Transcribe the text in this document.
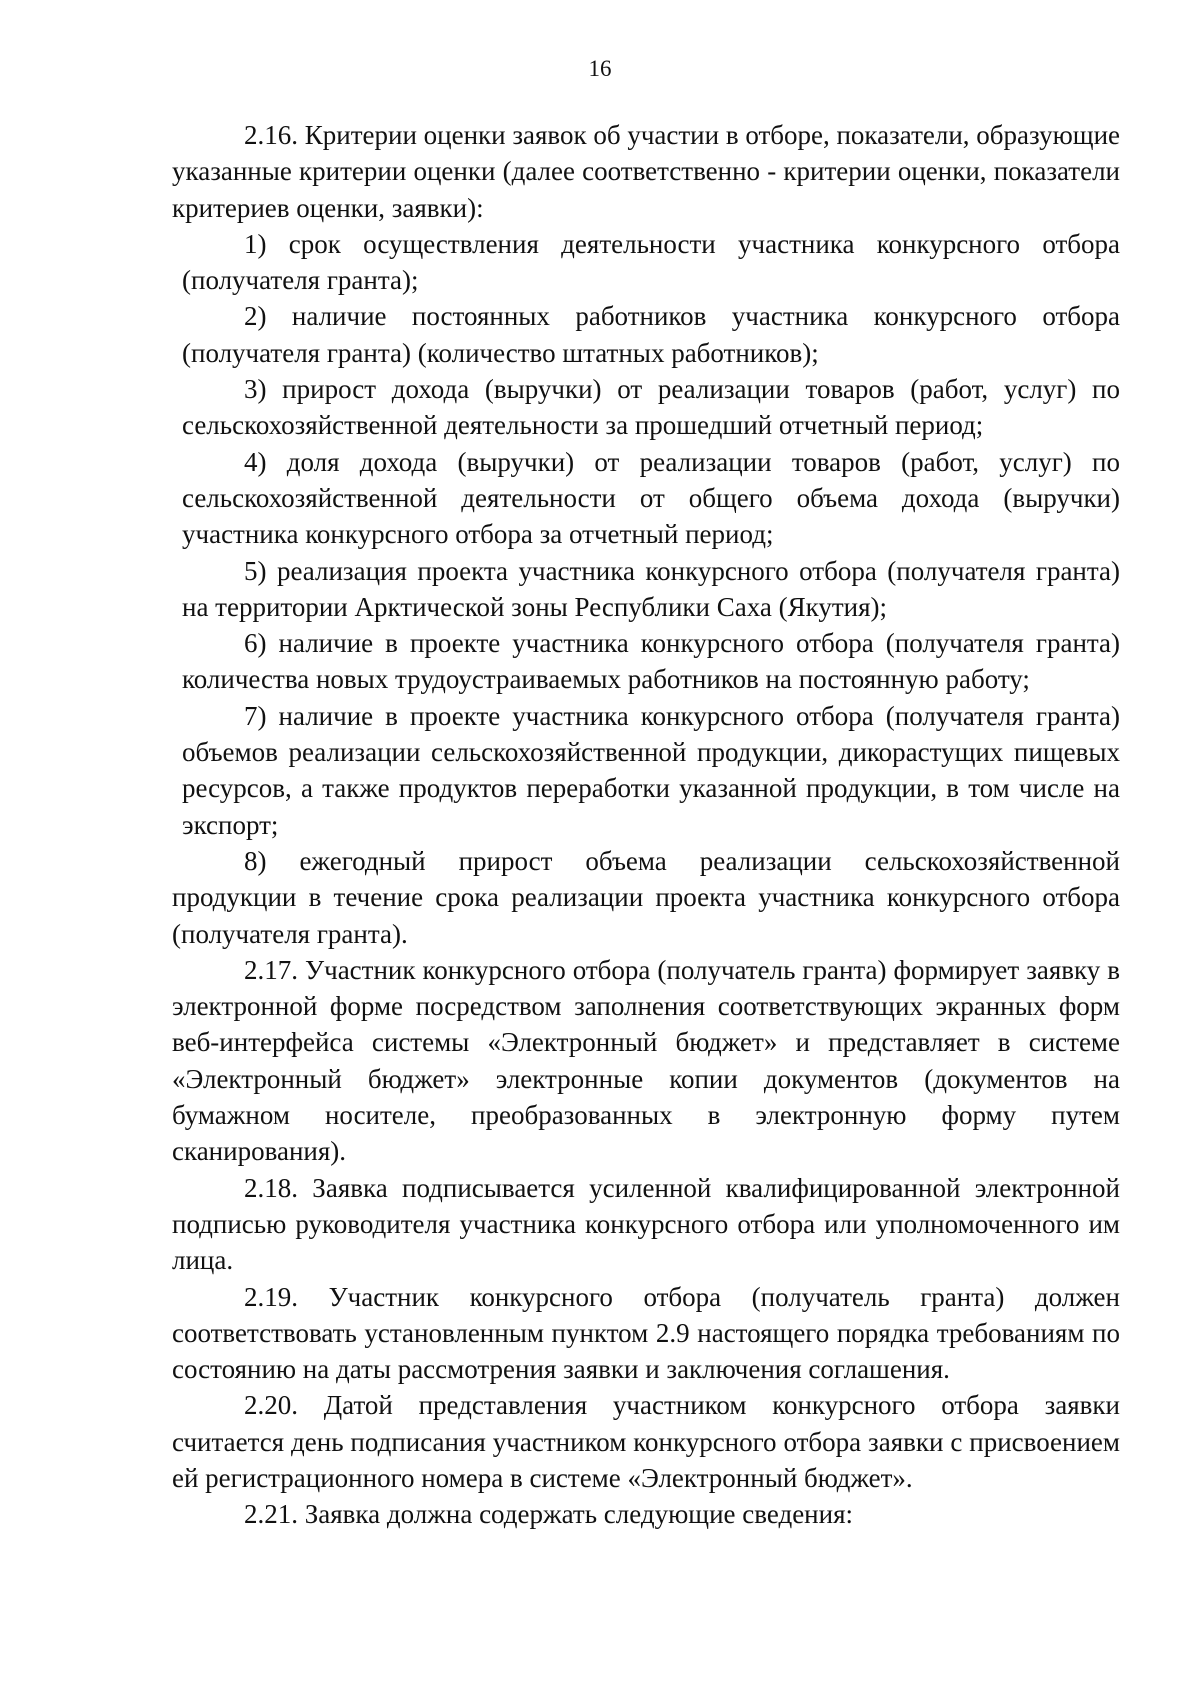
16

2.16. Критерии оценки заявок об участии в отборе, показатели, образующие указанные критерии оценки (далее соответственно - критерии оценки, показатели критериев оценки, заявки):

1) срок осуществления деятельности участника конкурсного отбора (получателя гранта);

2) наличие постоянных работников участника конкурсного отбора (получателя гранта) (количество штатных работников);

3) прирост дохода (выручки) от реализации товаров (работ, услуг) по сельскохозяйственной деятельности за прошедший отчетный период;

4) доля дохода (выручки) от реализации товаров (работ, услуг) по сельскохозяйственной деятельности от общего объема дохода (выручки) участника конкурсного отбора за отчетный период;

5) реализация проекта участника конкурсного отбора (получателя гранта) на территории Арктической зоны Республики Саха (Якутия);

6) наличие в проекте участника конкурсного отбора (получателя гранта) количества новых трудоустраиваемых работников на постоянную работу;

7) наличие в проекте участника конкурсного отбора (получателя гранта) объемов реализации сельскохозяйственной продукции, дикорастущих пищевых ресурсов, а также продуктов переработки указанной продукции, в том числе на экспорт;

8) ежегодный прирост объема реализации сельскохозяйственной продукции в течение срока реализации проекта участника конкурсного отбора (получателя гранта).

2.17. Участник конкурсного отбора (получатель гранта) формирует заявку в электронной форме посредством заполнения соответствующих экранных форм веб-интерфейса системы «Электронный бюджет» и представляет в системе «Электронный бюджет» электронные копии документов (документов на бумажном носителе, преобразованных в электронную форму путем сканирования).

2.18. Заявка подписывается усиленной квалифицированной электронной подписью руководителя участника конкурсного отбора или уполномоченного им лица.

2.19. Участник конкурсного отбора (получатель гранта) должен соответствовать установленным пунктом 2.9 настоящего порядка требованиям по состоянию на даты рассмотрения заявки и заключения соглашения.

2.20. Датой представления участником конкурсного отбора заявки считается день подписания участником конкурсного отбора заявки с присвоением ей регистрационного номера в системе «Электронный бюджет».

2.21. Заявка должна содержать следующие сведения:
